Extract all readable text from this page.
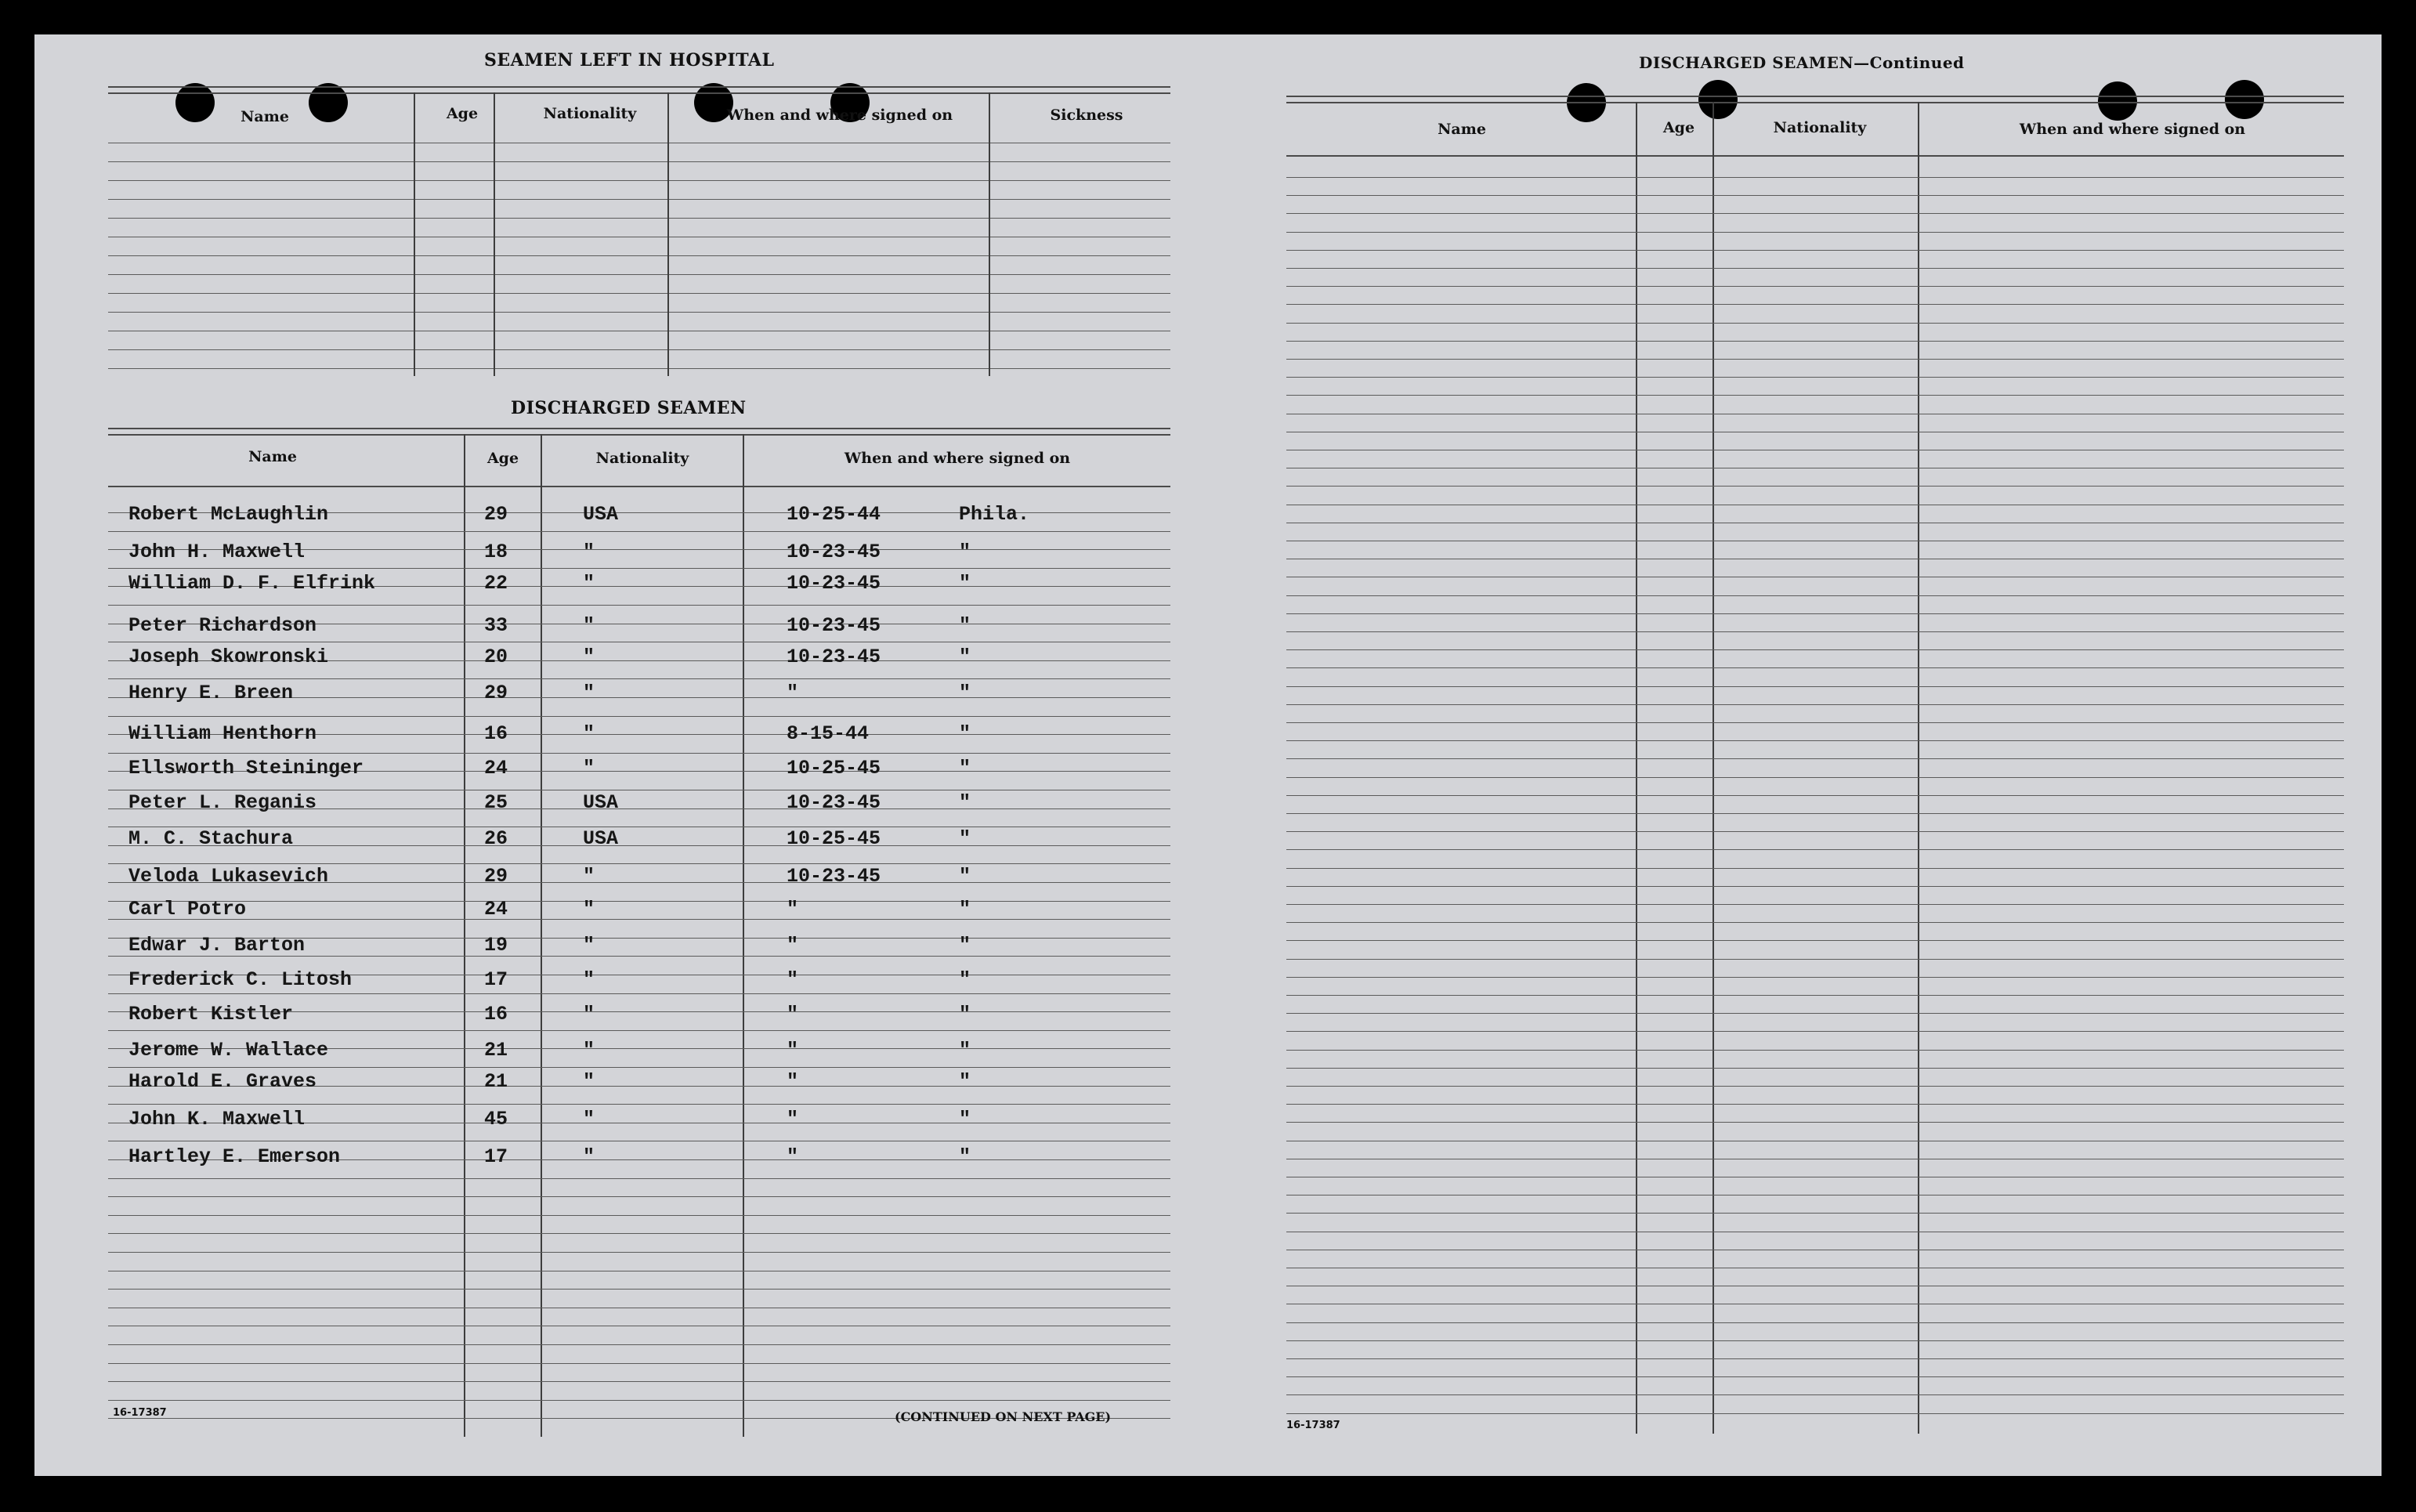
SEAMEN LEFT IN HOSPITAL
Name	Age	Nationality	When and where signed on	Sickness
DISCHARGED SEAMEN
Name	Age	Nationality	When and where signed on
Robert McLaughlin	29	USA	10-25-44	Phila.
John H. Maxwell	18	"	10-23-45	"
William D. F. Elfrink	22	"	10-23-45	"
Peter Richardson	33	"	10-23-45	"
Joseph Skowronski	20	"	10-23-45	"
Henry E. Breen	29	"	"	"
William Henthorn	16	"	8-15-44	"
Ellsworth Steininger	24	"	10-25-45	"
Peter L. Reganis	25	USA	10-23-45	"
M. C. Stachura	26	USA	10-25-45	"
Veloda Lukasevich	29	"	10-23-45	"
Carl Potro	24	"	"	"
Edwar J. Barton	19	"	"	"
Frederick C. Litosh	17	"	"	"
Robert Kistler	16	"	"	"
Jerome W. Wallace	21	"	"	"
Harold E. Graves	21	"	"	"
John K. Maxwell	45	"	"	"
Hartley E. Emerson	17	"	"	"
16-17387	(CONTINUED ON NEXT PAGE)
DISCHARGED SEAMEN—Continued
Name	Age	Nationality	When and where signed on
16-17387
